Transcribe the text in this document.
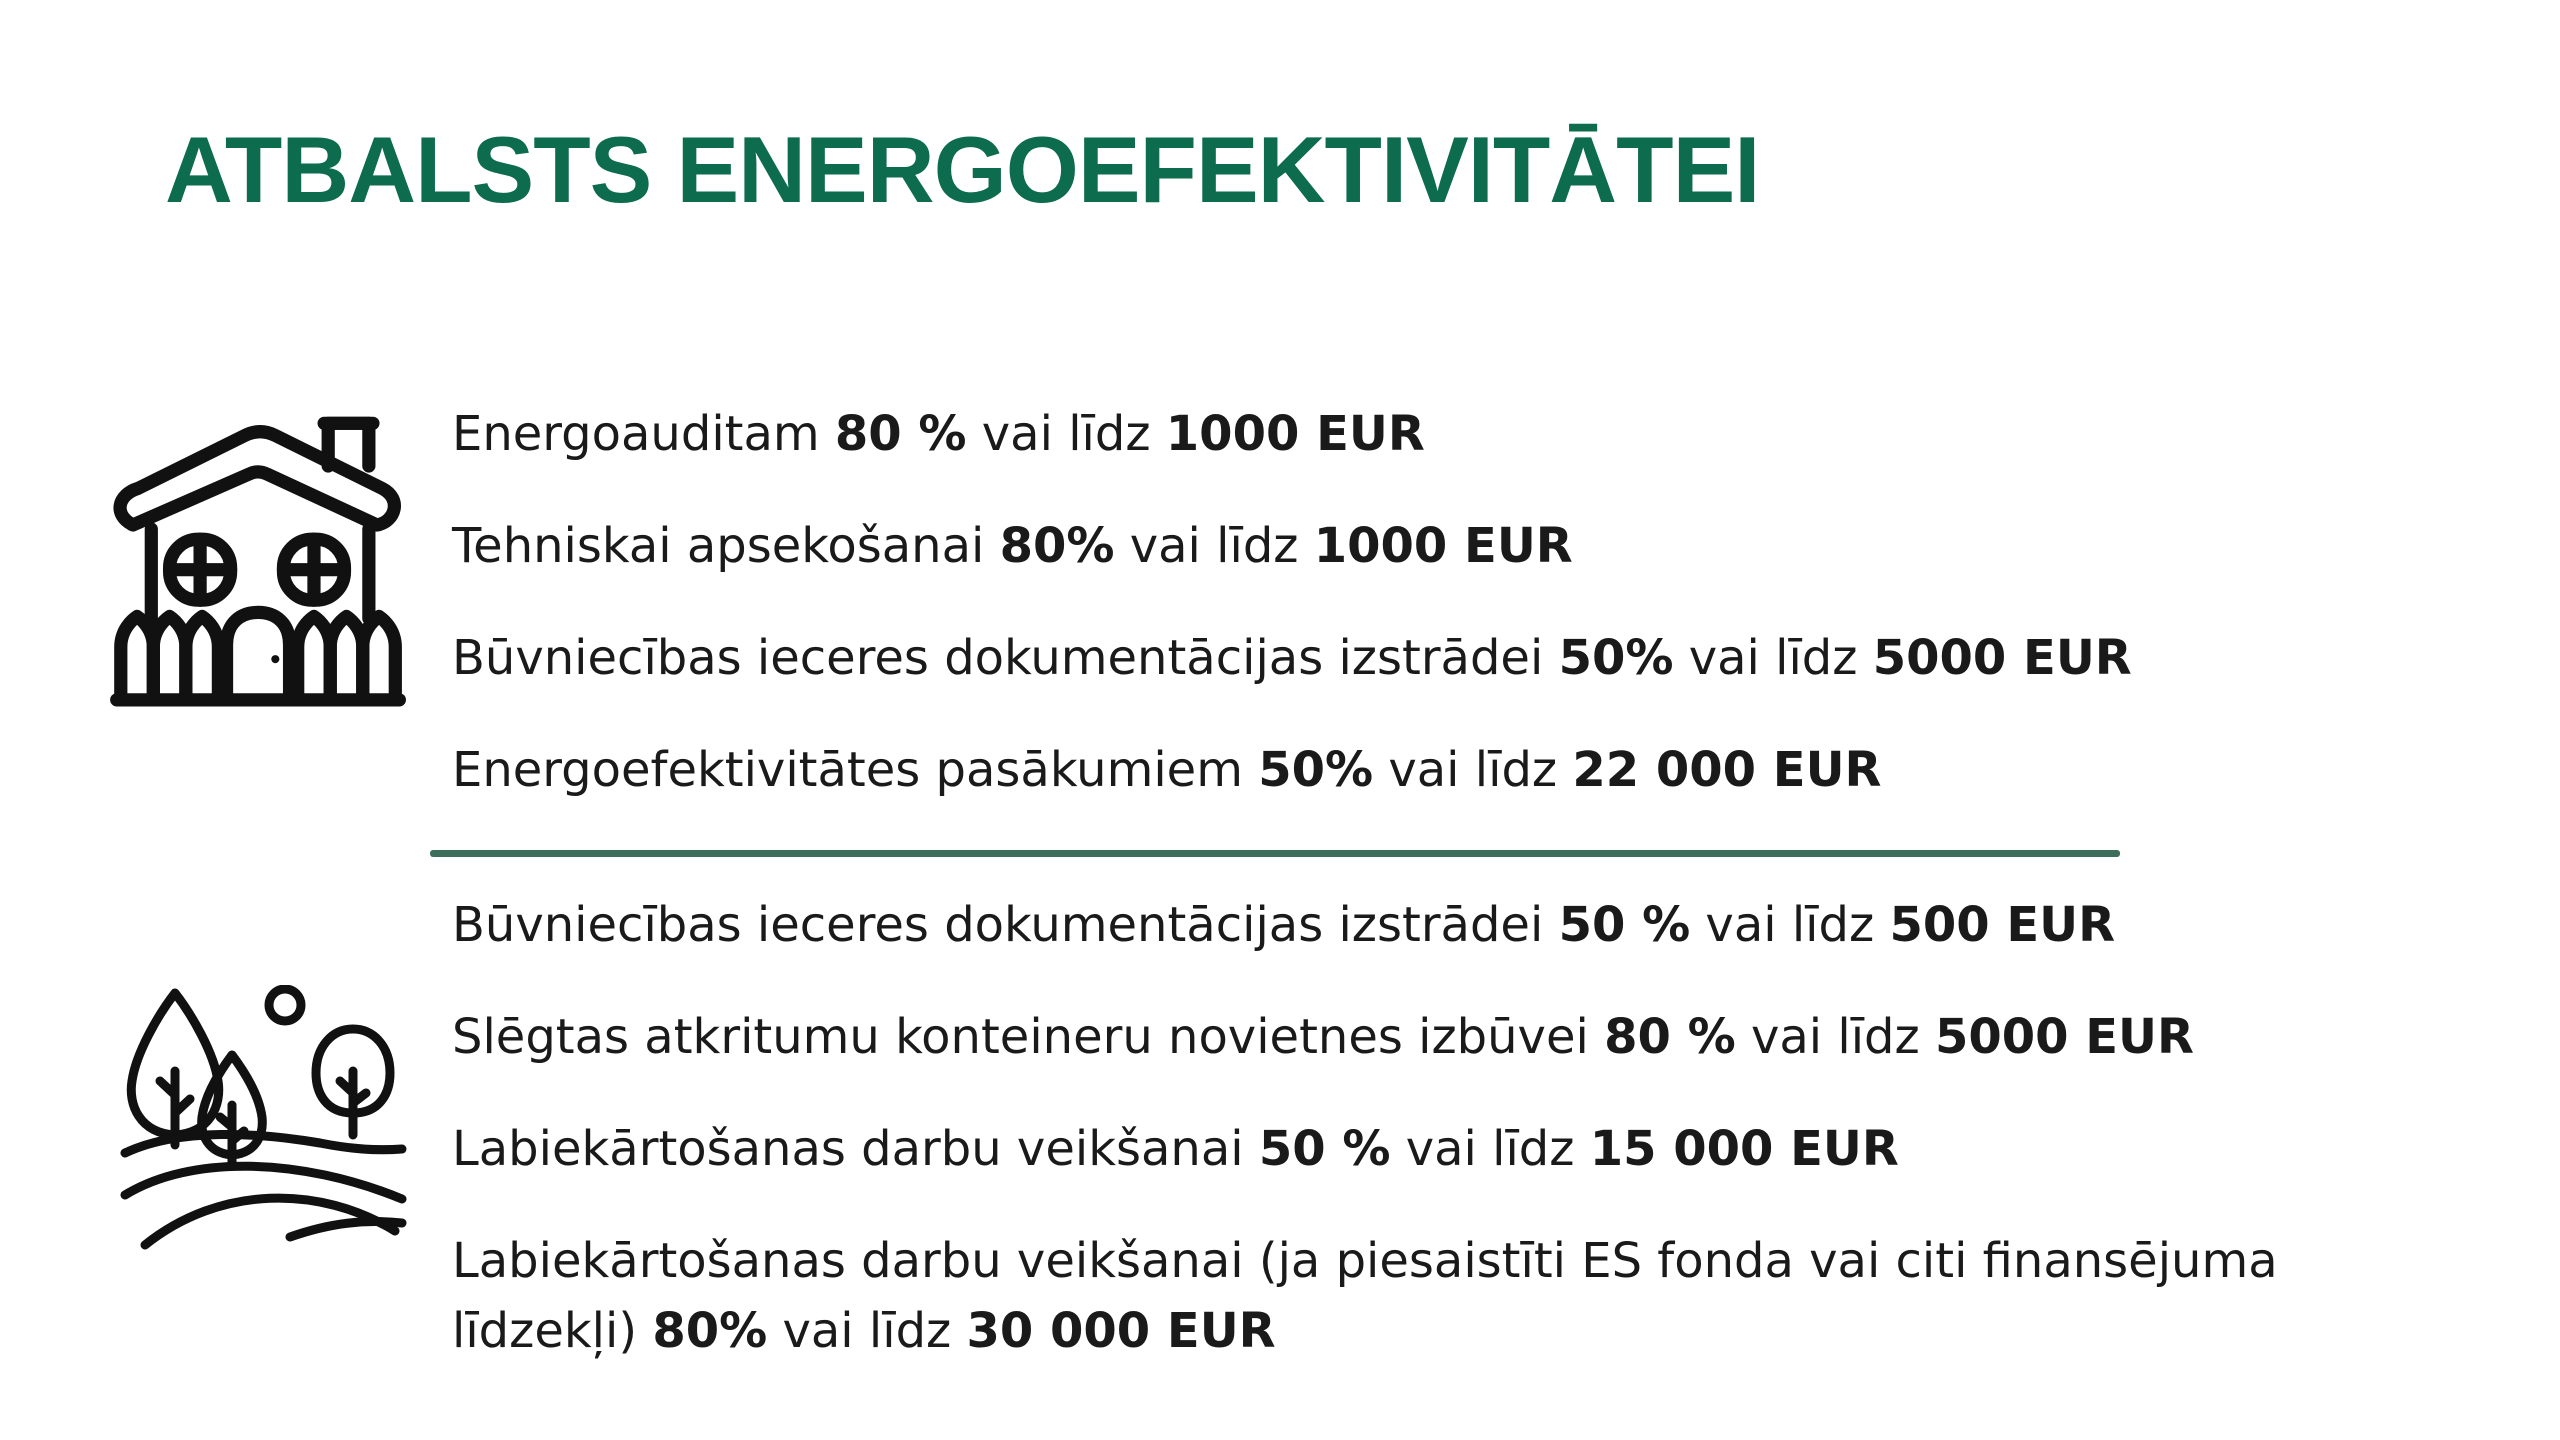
ATBALSTS ENERGOEFEKTIVITĀTEI

Energoauditam 80 % vai līdz 1000 EUR

Tehniskai apsekošanai 80% vai līdz 1000 EUR

Būvniecības ieceres dokumentācijas izstrādei 50% vai līdz 5000 EUR

Energoefektivitātes pasākumiem 50% vai līdz 22 000 EUR

Būvniecības ieceres dokumentācijas izstrādei 50 % vai līdz 500 EUR

Slēgtas atkritumu konteineru novietnes izbūvei 80 % vai līdz 5000 EUR

Labiekārtošanas darbu veikšanai 50 % vai līdz 15 000 EUR

Labiekārtošanas darbu veikšanai (ja piesaistīti ES fonda vai citi finansējuma
līdzekļi) 80% vai līdz 30 000 EUR
